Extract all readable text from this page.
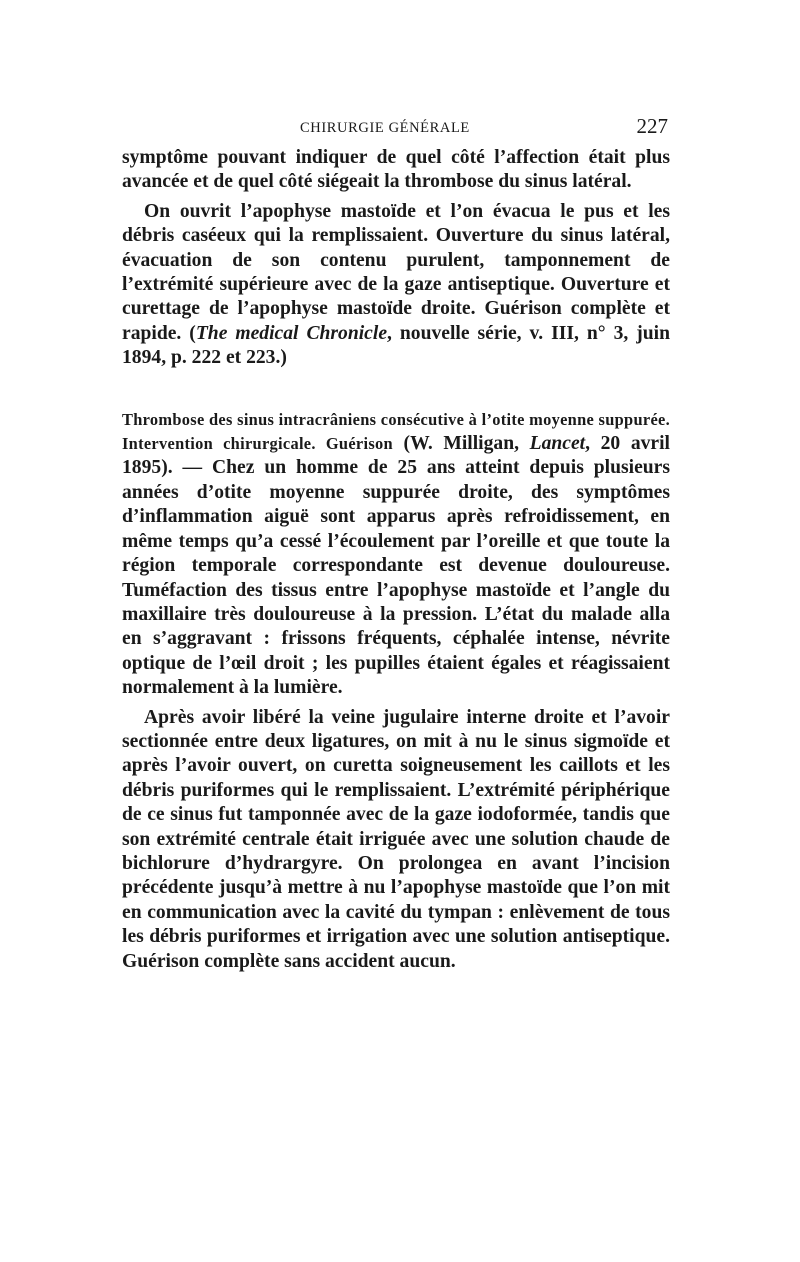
CHIRURGIE GÉNÉRALE	227

symptôme pouvant indiquer de quel côté l’affection était plus avancée et de quel côté siégeait la thrombose du sinus latéral.

On ouvrit l’apophyse mastoïde et l’on évacua le pus et les débris caséeux qui la remplissaient. Ouverture du sinus latéral, évacuation de son contenu purulent, tamponnement de l’extrémité supérieure avec de la gaze antiseptique. Ouverture et curettage de l’apophyse mastoïde droite. Guérison complète et rapide. (The medical Chronicle, nouvelle série, v. III, n° 3, juin 1894, p. 222 et 223.)

Thrombose des sinus intracrâniens consécutive à l’otite moyenne suppurée. Intervention chirurgicale. Guérison (W. Milligan, Lancet, 20 avril 1895). — Chez un homme de 25 ans atteint depuis plusieurs années d’otite moyenne suppurée droite, des symptômes d’inflammation aiguë sont apparus après refroidissement, en même temps qu’a cessé l’écoulement par l’oreille et que toute la région temporale correspondante est devenue douloureuse. Tuméfaction des tissus entre l’apophyse mastoïde et l’angle du maxillaire très douloureuse à la pression. L’état du malade alla en s’aggravant : frissons fréquents, céphalée intense, névrite optique de l’œil droit ; les pupilles étaient égales et réagissaient normalement à la lumière.

Après avoir libéré la veine jugulaire interne droite et l’avoir sectionnée entre deux ligatures, on mit à nu le sinus sigmoïde et après l’avoir ouvert, on curetta soigneusement les caillots et les débris puriformes qui le remplissaient. L’extrémité périphérique de ce sinus fut tamponnée avec de la gaze iodoformée, tandis que son extrémité centrale était irriguée avec une solution chaude de bichlorure d’hydrargyre. On prolongea en avant l’incision précédente jusqu’à mettre à nu l’apophyse mastoïde que l’on mit en communication avec la cavité du tympan : enlèvement de tous les débris puriformes et irrigation avec une solution antiseptique. Guérison complète sans accident aucun.
